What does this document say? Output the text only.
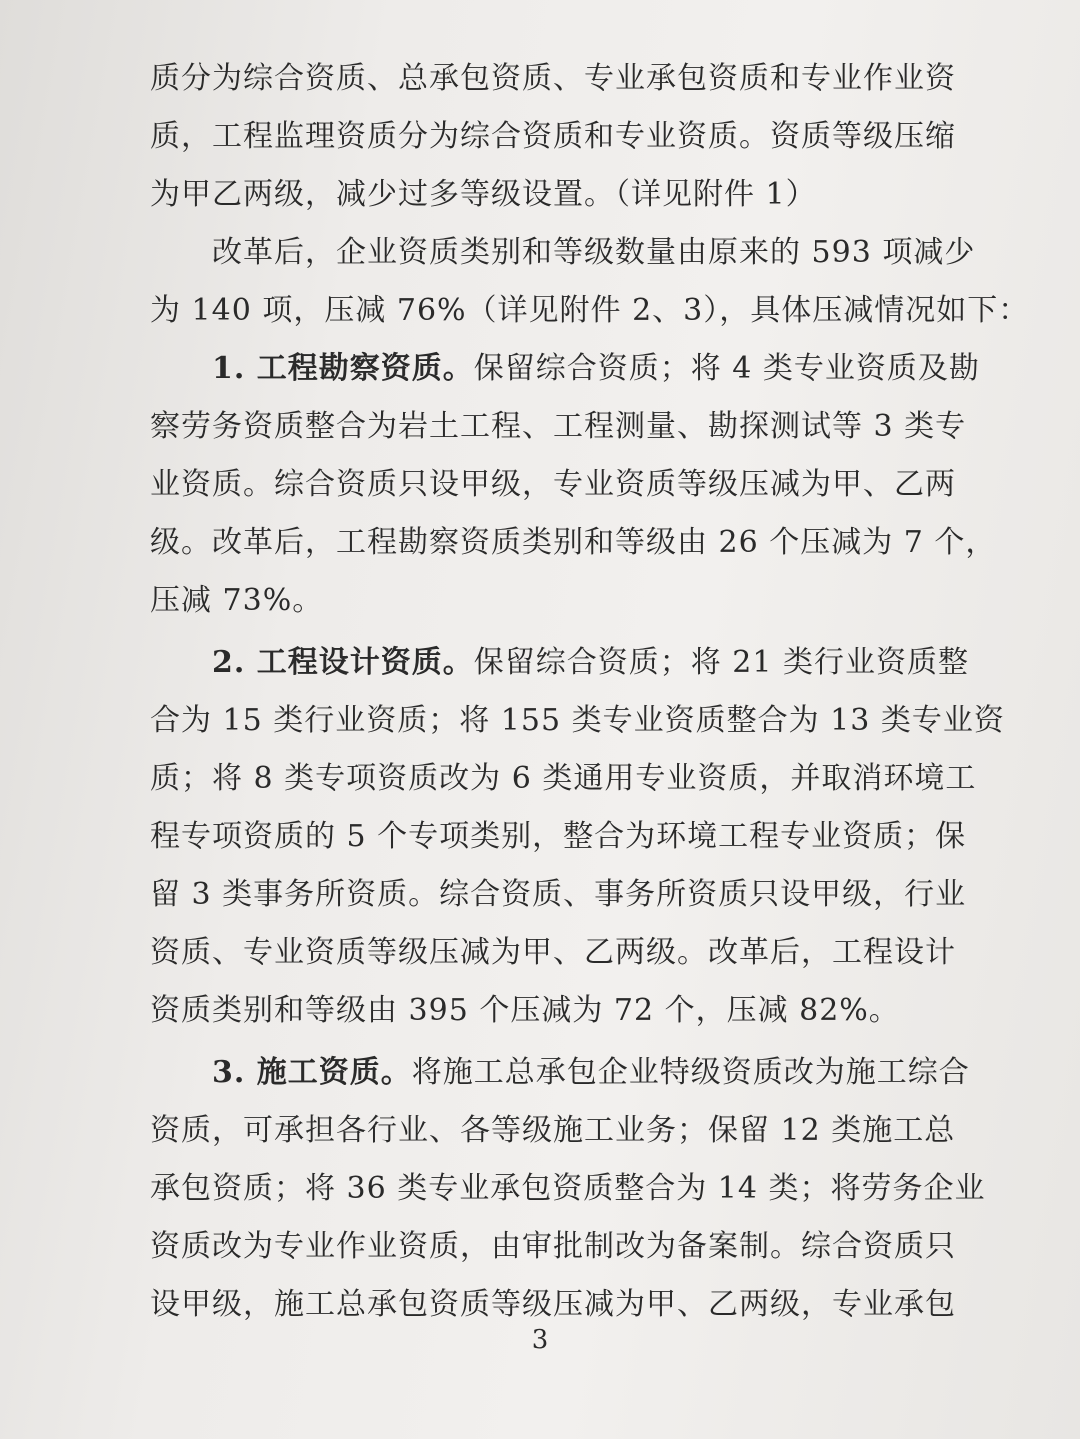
质分为综合资质、总承包资质、专业承包资质和专业作业资
质，工程监理资质分为综合资质和专业资质。资质等级压缩
为甲乙两级，减少过多等级设置。（详见附件 1）
改革后，企业资质类别和等级数量由原来的 593 项减少
为 140 项，压减 76%（详见附件 2、3），具体压减情况如下：
1. 工程勘察资质。保留综合资质；将 4 类专业资质及勘
察劳务资质整合为岩土工程、工程测量、勘探测试等 3 类专
业资质。综合资质只设甲级，专业资质等级压减为甲、乙两
级。改革后，工程勘察资质类别和等级由 26 个压减为 7 个，
压减 73%。
2. 工程设计资质。保留综合资质；将 21 类行业资质整
合为 15 类行业资质；将 155 类专业资质整合为 13 类专业资
质；将 8 类专项资质改为 6 类通用专业资质，并取消环境工
程专项资质的 5 个专项类别，整合为环境工程专业资质；保
留 3 类事务所资质。综合资质、事务所资质只设甲级，行业
资质、专业资质等级压减为甲、乙两级。改革后，工程设计
资质类别和等级由 395 个压减为 72 个，压减 82%。
3. 施工资质。将施工总承包企业特级资质改为施工综合
资质，可承担各行业、各等级施工业务；保留 12 类施工总
承包资质；将 36 类专业承包资质整合为 14 类；将劳务企业
资质改为专业作业资质，由审批制改为备案制。综合资质只
设甲级，施工总承包资质等级压减为甲、乙两级，专业承包
3
